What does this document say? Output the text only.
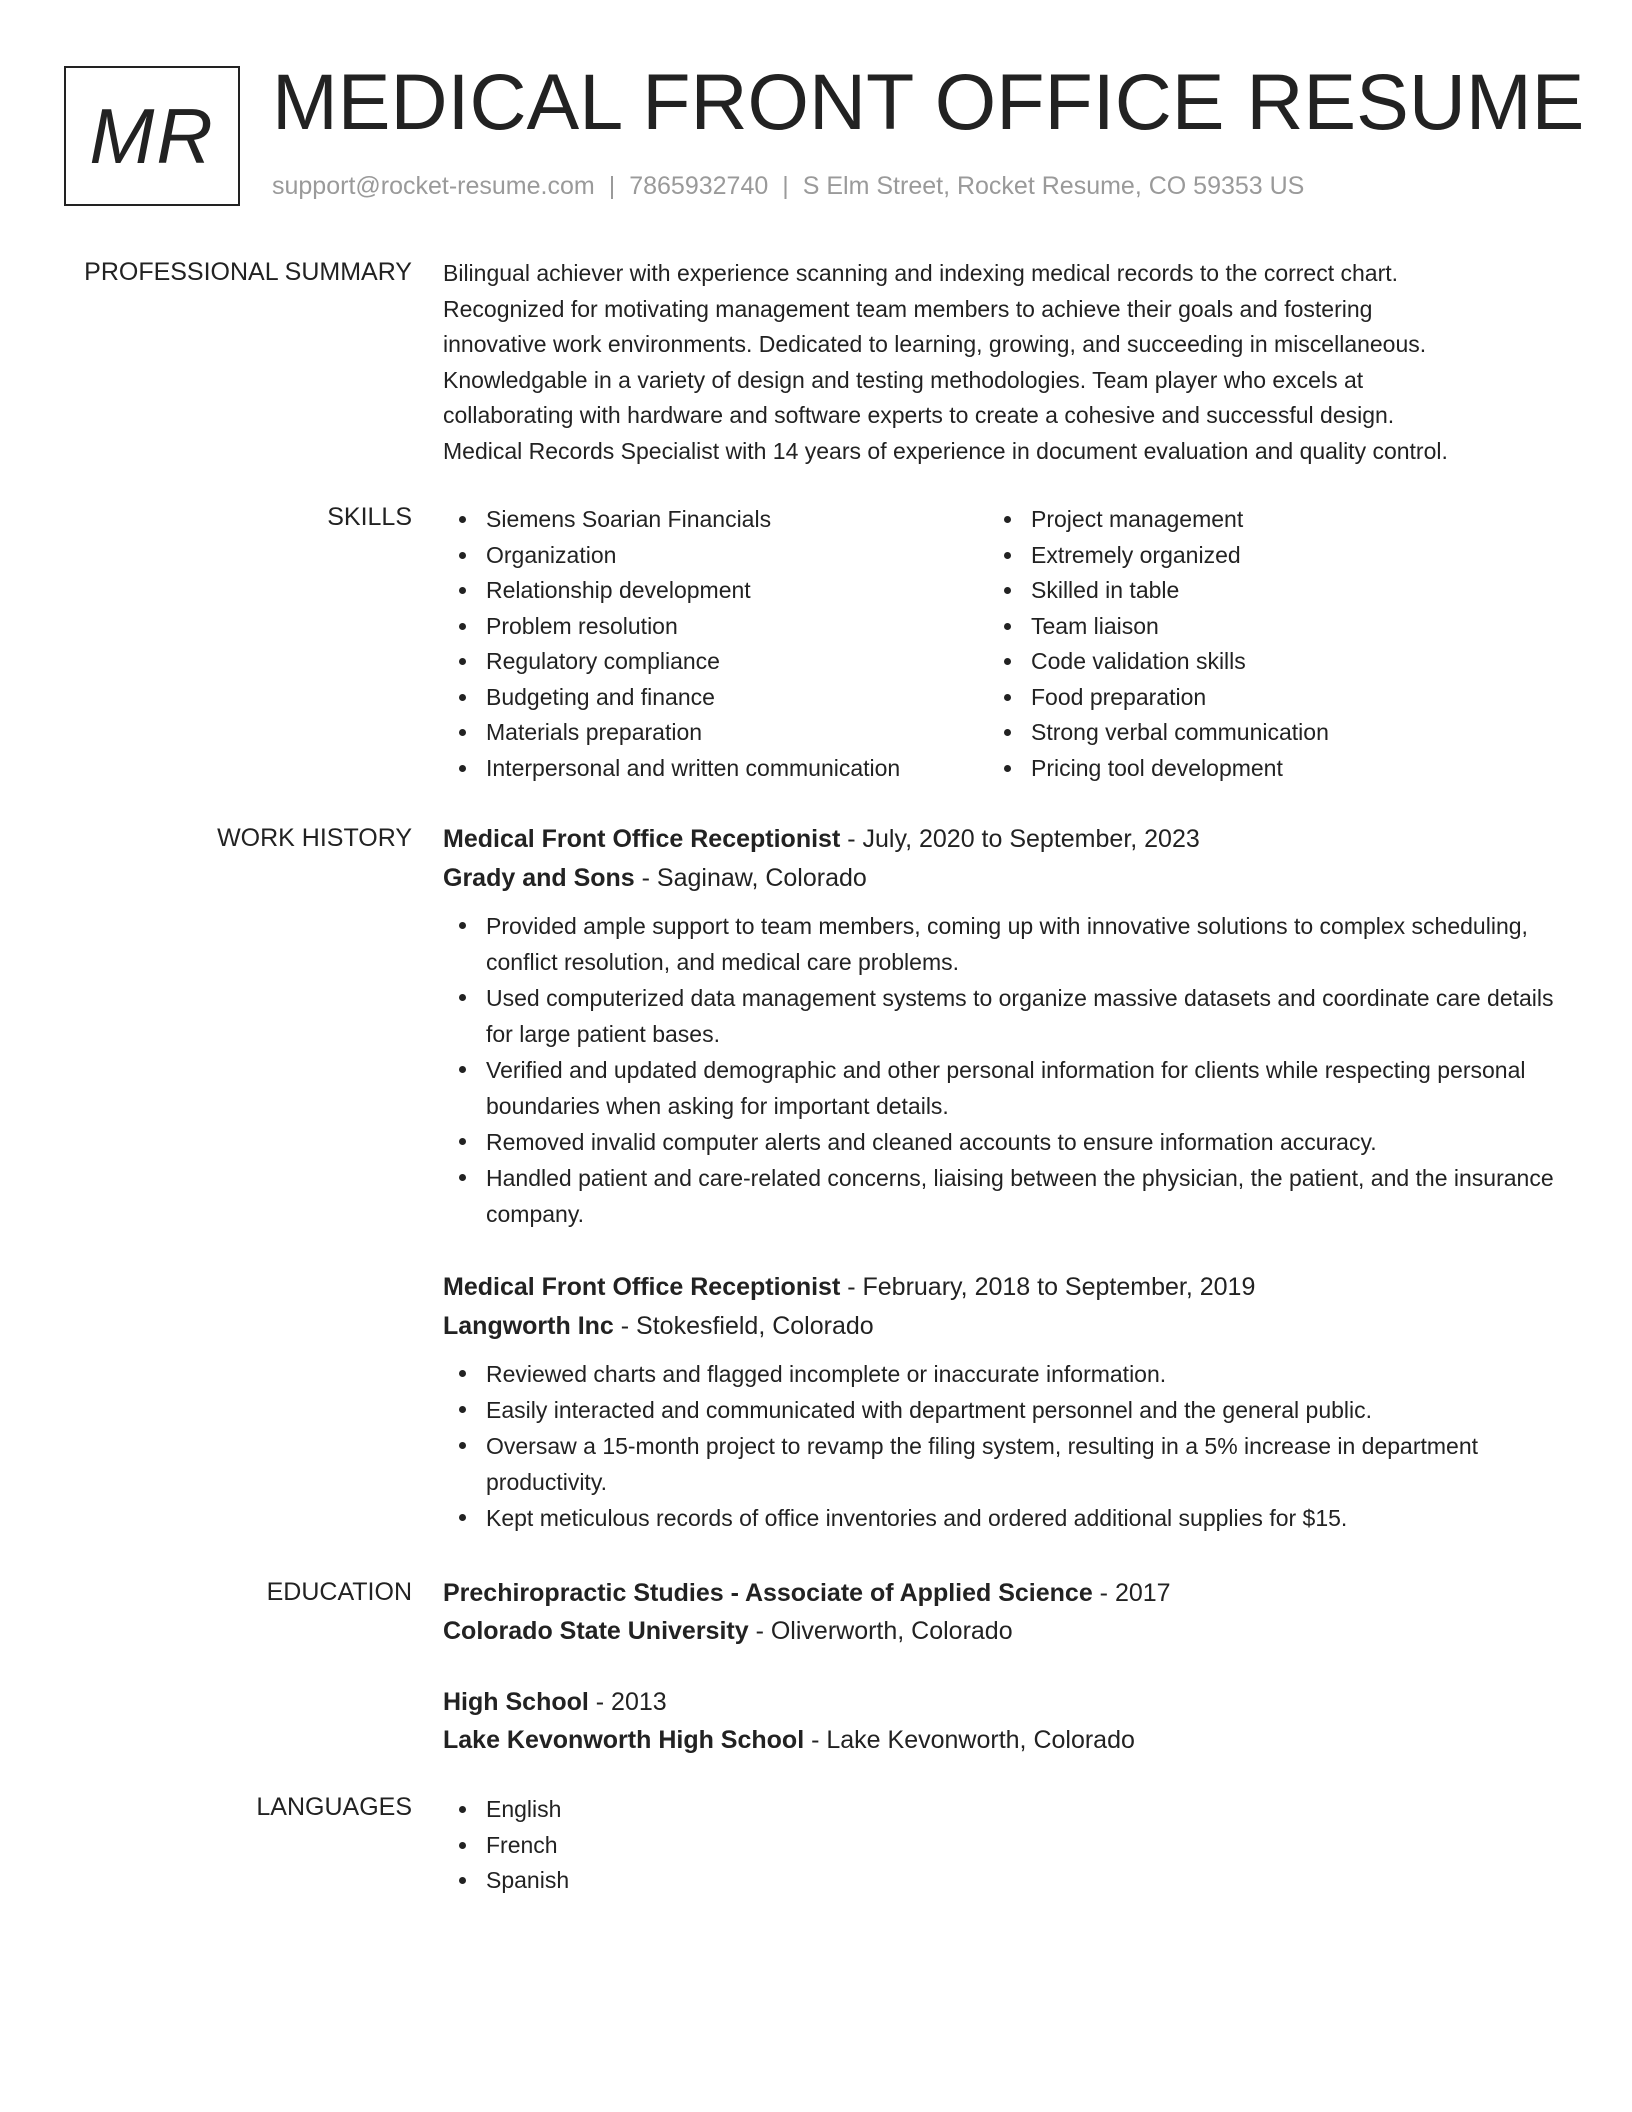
MR MEDICAL FRONT OFFICE RESUME
support@rocket-resume.com | 7865932740 | S Elm Street, Rocket Resume, CO 59353 US
PROFESSIONAL SUMMARY Bilingual achiever with experience scanning and indexing medical records to the correct chart.

Recognized for motivating management team members to achieve their goals and fostering

innovative work environments. Dedicated to learning, growing, and succeeding in miscellaneous.

Knowledgable in a variety of design and testing methodologies. Team player who excels at

collaborating with hardware and software experts to create a cohesive and successful design.

Medical Records Specialist with 14 years of experience in document evaluation and quality control.

SKILLS	Siemens Soarian Financials
Organization
Relationship development
Problem resolution
Regulatory compliance
Budgeting and finance
Materials preparation
Interpersonal and written communication
Project management
Extremely organized
Skilled in table
Team liaison
Code validation skills
Food preparation
Strong verbal communication
Pricing tool development
WORK HISTORY Medical Front Office Receptionist - July, 2020 to September, 2023
Grady and Sons - Saginaw, Colorado
Provided ample support to team members, coming up with innovative solutions to complex scheduling, conflict resolution, and medical care problems.
Used computerized data management systems to organize massive datasets and coordinate care details for large patient bases.
Verified and updated demographic and other personal information for clients while respecting personal boundaries when asking for important details.
Removed invalid computer alerts and cleaned accounts to ensure information accuracy.
Handled patient and care-related concerns, liaising between the physician, the patient, and the insurance company.
Medical Front Office Receptionist - February, 2018 to September, 2019
Langworth Inc - Stokesfield, Colorado
Reviewed charts and flagged incomplete or inaccurate information.
Easily interacted and communicated with department personnel and the general public.
Oversaw a 15-month project to revamp the filing system, resulting in a 5% increase in department productivity.
Kept meticulous records of office inventories and ordered additional supplies for $15.
EDUCATION Prechiropractic Studies - Associate of Applied Science - 2017
Colorado State University - Oliverworth, Colorado
High School - 2013
Lake Kevonworth High School - Lake Kevonworth, Colorado
LANGUAGES	English
French
Spanish
